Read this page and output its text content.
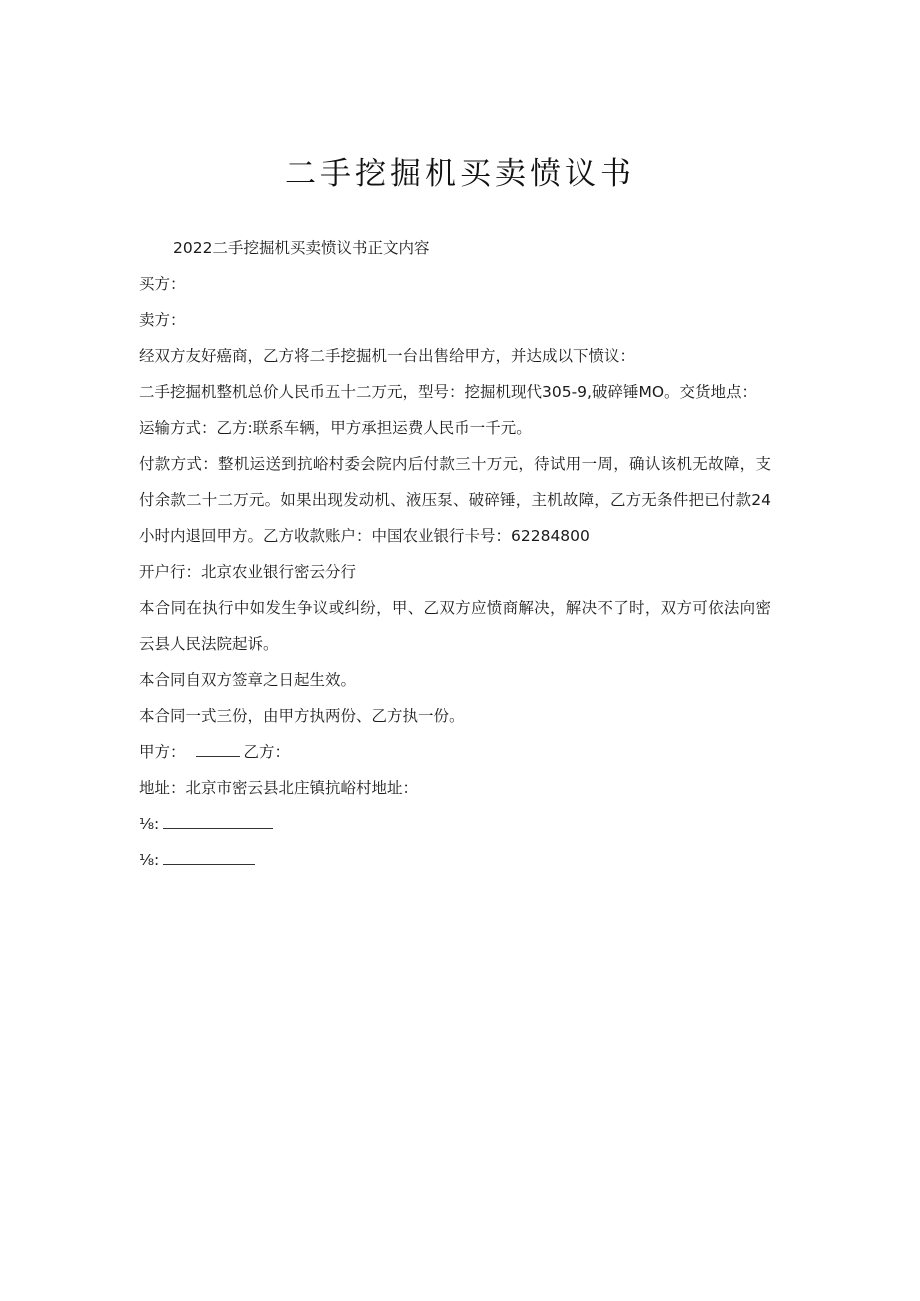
二手挖掘机买卖愤议书

2022二手挖掘机买卖愤议书正文内容

买方：

卖方：

经双方友好癌商，乙方将二手挖掘机一台出售给甲方，并达成以下愤议：

二手挖掘机整机总价人民币五十二万元，型号：挖掘机现代305-9,破碎锤MO。交货地点：

运输方式：乙方:联系车辆，甲方承担运费人民币一千元。

付款方式：整机运送到抗峪村委会院内后付款三十万元，待试用一周，确认该机无故障，支付余款二十二万元。如果出现发动机、液压泵、破碎锤，主机故障，乙方无条件把已付款24小时内退回甲方。乙方收款账户：中国农业银行卡号：62284800

开户行：北京农业银行密云分行

本合同在执行中如发生争议或纠纷，甲、乙双方应愤商解决，解决不了时，双方可依法向密云县人民法院起诉。

本合同自双方签章之日起生效。

本合同一式三份，由甲方执两份、乙方执一份。

甲方：	乙方：

地址：北京市密云县北庄镇抗峪村地址：

⅛:

⅛:
